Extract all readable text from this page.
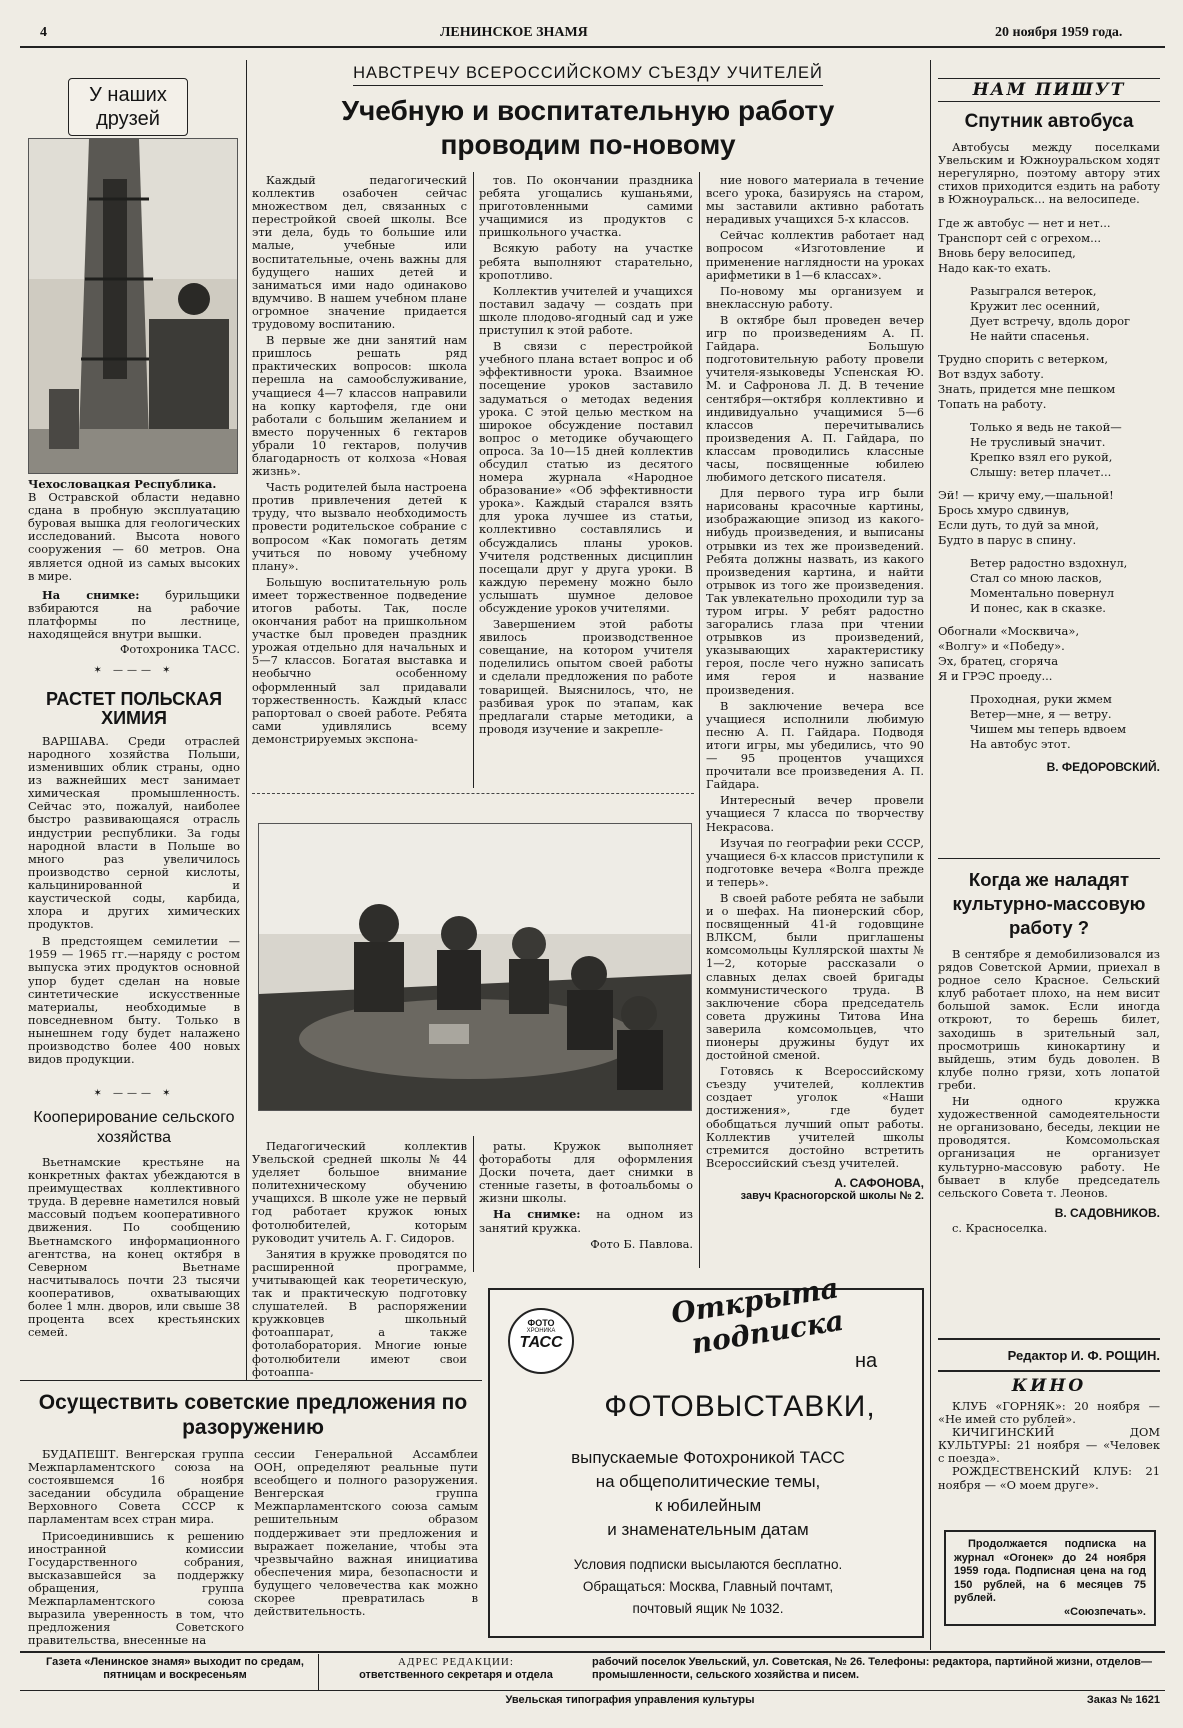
4	ЛЕНИНСКОЕ ЗНАМЯ	20 ноября 1959 года.
У наших друзей

Чехословацкая Республика.

В Остравской области недавно сдана в пробную эксплуатацию буровая вышка для геологических исследований. Высота нового сооружения — 60 метров. Она является одной из самых высоких в мире.

На снимке: бурильщики взбираются на рабочие платформы по лестнице, находящейся внутри вышки.

Фотохроника ТАСС.

✶ ——— ✶
РАСТЕТ ПОЛЬСКАЯ ХИМИЯ

ВАРШАВА. Среди отраслей народного хозяйства Польши, изменивших облик страны, одно из важнейших мест занимает химическая промышленность. Сейчас это, пожалуй, наиболее быстро развивающаяся отрасль индустрии республики. За годы народной власти в Польше во много раз увеличилось производство серной кислоты, кальцинированной и каустической соды, карбида, хлора и других химических продуктов.

В предстоящем семилетии — 1959 — 1965 гг.—наряду с ростом выпуска этих продуктов основной упор будет сделан на новые синтетические искусственные материалы, необходимые в повседневном быту. Только в нынешнем году будет налажено производство более 400 новых видов продукции.

✶ ——— ✶
Кооперирование сельского хозяйства

Вьетнамские крестьяне на конкретных фактах убеждаются в преимуществах коллективного труда. В деревне наметился новый массовый подъем кооперативного движения. По сообщению Вьетнамского информационного агентства, на конец октября в Северном Вьетнаме насчитывалось почти 23 тысячи кооперативов, охватывающих более 1 млн. дворов, или свыше 38 процента всех крестьянских семей.

НАВСТРЕЧУ ВСЕРОССИЙСКОМУ СЪЕЗДУ УЧИТЕЛЕЙ
Учебную и воспитательную работу проводим по-новому

Каждый педагогический коллектив озабочен сейчас множеством дел, связанных с перестройкой своей школы. Все эти дела, будь то большие или малые, учебные или воспитательные, очень важны для будущего наших детей и заниматься ими надо одинаково вдумчиво. В нашем учебном плане огромное значение придается трудовому воспитанию.

В первые же дни занятий нам пришлось решать ряд практических вопросов: школа перешла на самообслуживание, учащиеся 4—7 классов направили на копку картофеля, где они работали с большим желанием и вместо порученных 6 гектаров убрали 10 гектаров, получив благодарность от колхоза «Новая жизнь».

Часть родителей была настроена против привлечения детей к труду, что вызвало необходимость провести родительское собрание с вопросом «Как помогать детям учиться по новому учебному плану».

Большую воспитательную роль имеет торжественное подведение итогов работы. Так, после окончания работ на пришкольном участке был проведен праздник урожая отдельно для начальных и 5—7 классов. Богатая выставка и необычно особенному оформленный зал придавали торжественность. Каждый класс рапортовал о своей работе. Ребята сами удивлялись всему демонстрируемых экспона-

тов. По окончании праздника ребята угощались кушаньями, приготовленными самими учащимися из продуктов с пришкольного участка.

Всякую работу на участке ребята выполняют старательно, кропотливо.

Коллектив учителей и учащихся поставил задачу — создать при школе плодово-ягодный сад и уже приступил к этой работе.

В связи с перестройкой учебного плана встает вопрос и об эффективности урока. Взаимное посещение уроков заставило задуматься о методах ведения урока. С этой целью местком на широкое обсуждение поставил вопрос о методике обучающего опроса. За 10—15 дней коллектив обсудил статью из десятого номера журнала «Народное образование» «Об эффективности урока». Каждый старался взять для урока лучшее из статьи, коллективно составлялись и обсуждались планы уроков. Учителя родственных дисциплин посещали друг у друга уроки. В каждую перемену можно было услышать шумное деловое обсуждение уроков учителями.

Завершением этой работы явилось производственное совещание, на котором учителя поделились опытом своей работы и сделали предложения по работе товарищей. Выяснилось, что, не разбивая урок по этапам, как предлагали старые методики, а проводя изучение и закрепле-

ние нового материала в течение всего урока, базируясь на старом, мы заставили активно работать нерадивых учащихся 5-х классов.

Сейчас коллектив работает над вопросом «Изготовление и применение наглядности на уроках арифметики в 1—6 классах».

По-новому мы организуем и внеклассную работу.

В октябре был проведен вечер игр по произведениям А. П. Гайдара. Большую подготовительную работу провели учителя-языковеды Успенская Ю. М. и Сафронова Л. Д. В течение сентября—октября коллективно и индивидуально учащимися 5—6 классов перечитывались произведения А. П. Гайдара, по классам проводились классные часы, посвященные юбилею любимого детского писателя.

Для первого тура игр были нарисованы красочные картины, изображающие эпизод из какого-нибудь произведения, и выписаны отрывки из тех же произведений. Ребята должны назвать, из какого произведения картина, и найти отрывок из того же произведения. Так увлекательно проходили тур за туром игры. У ребят радостно загорались глаза при чтении отрывков из произведений, указывающих характеристику героя, после чего нужно записать имя героя и название произведения.

В заключение вечера все учащиеся исполнили любимую песню А. П. Гайдара. Подводя итоги игры, мы убедились, что 90 — 95 процентов учащихся прочитали все произведения А. П. Гайдара.

Интересный вечер провели учащиеся 7 класса по творчеству Некрасова.

Изучая по географии реки СССР, учащиеся 6-х классов приступили к подготовке вечера «Волга прежде и теперь».

В своей работе ребята не забыли и о шефах. На пионерский сбор, посвященный 41-й годовщине ВЛКСМ, были приглашены комсомольцы Куллярской шахты № 1—2, которые рассказали о славных делах своей бригады коммунистического труда. В заключение сбора председатель совета дружины Титова Ина заверила комсомольцев, что пионеры дружины будут их достойной сменой.

Готовясь к Всероссийскому съезду учителей, коллектив создает уголок «Наши достижения», где будет обобщаться лучший опыт работы. Коллектив учителей школы стремится достойно встретить Всероссийский съезд учителей.

А. САФОНОВА,
завуч Красногорской школы № 2.

Педагогический коллектив Увельской средней школы № 44 уделяет большое внимание политехническому обучению учащихся. В школе уже не первый год работает кружок юных фотолюбителей, которым руководит учитель А. Г. Сидоров.

Занятия в кружке проводятся по расширенной программе, учитывающей как теоретическую, так и практическую подготовку слушателей. В распоряжении кружковцев школьный фотоаппарат, а также фотолаборатория. Многие юные фотолюбители имеют свои фотоаппа-

раты. Кружок выполняет фотоработы для оформления Доски почета, дает снимки в стенные газеты, в фотоальбомы о жизни школы.

На снимке: на одном из занятий кружка.

Фото Б. Павлова.

Осуществить советские предложения по разоружению

БУДАПЕШТ. Венгерская группа Межпарламентского союза на состоявшемся 16 ноября заседании обсудила обращение Верховного Совета СССР к парламентам всех стран мира.

Присоединившись к решению иностранной комиссии Государственного собрания, высказавшейся за поддержку обращения, группа Межпарламентского союза выразила уверенность в том, что предложения Советского правительства, внесенные на

сессии Генеральной Ассамблеи ООН, определяют реальные пути всеобщего и полного разоружения. Венгерская группа Межпарламентского союза самым решительным образом поддерживает эти предложения и выражает пожелание, чтобы эта чрезвычайно важная инициатива обеспечения мира, безопасности и будущего человечества как можно скорее превратилась в действительность.

ФОТО
ХРОНИКА
ТАСС
Открыта подписка
на
ФОТОВЫСТАВКИ,
выпускаемые Фотохроникой ТАСС
на общеполитические темы,
к юбилейным
и знаменательным датам
Условия подписки высылаются бесплатно.
Обращаться: Москва, Главный почтамт,
почтовый ящик № 1032.
НАМ ПИШУТ
Спутник автобуса

Автобусы между поселками Увельским и Южноуральском ходят нерегулярно, поэтому автору этих стихов приходится ездить на работу в Южноуральск... на велосипеде.

Где ж автобус — нет и нет...
Транспорт сей с огрехом...
Вновь беру велосипед,
Надо как-то ехать.
Разыгрался ветерок,
Кружит лес осенний,
Дует встречу, вдоль дорог
Не найти спасенья.
Трудно спорить с ветерком,
Вот вздух заботу.
Знать, придется мне пешком
Топать на работу.
Только я ведь не такой—
Не трусливый значит.
Крепко взял его рукой,
Слышу: ветер плачет...
Эй! — кричу ему,—шальной!
Брось хмуро сдвинув,
Если дуть, то дуй за мной,
Будто в парус в спину.
Ветер радостно вздохнул,
Стал со мною ласков,
Моментально повернул
И понес, как в сказке.
Обогнали «Москвича»,
«Волгу» и «Победу».
Эх, братец, сгоряча
Я и ГРЭС проеду...
Проходная, руки жмем
Ветер—мне, я — ветру.
Чишем мы теперь вдвоем
На автобус этот.
В. ФЕДОРОВСКИЙ.
Когда же наладят культурно-массовую работу ?

В сентябре я демобилизовался из рядов Советской Армии, приехал в родное село Красное. Сельский клуб работает плохо, на нем висит большой замок. Если иногда откроют, то берешь билет, заходишь в зрительный зал, просмотришь кинокартину и выйдешь, этим будь доволен. В клубе полно грязи, хоть лопатой греби.

Ни одного кружка художественной самодеятельности не организовано, беседы, лекции не проводятся. Комсомольская организация не организует культурно-массовую работу. Не бывает в клубе председатель сельского Совета т. Леонов.

В. САДОВНИКОВ.

с. Красноселка.

Редактор И. Ф. РОЩИН.
КИНО

КЛУБ «ГОРНЯК»: 20 ноября — «Не имей сто рублей».

КИЧИГИНСКИЙ ДОМ КУЛЬТУРЫ: 21 ноября — «Человек с поезда».

РОЖДЕСТВЕНСКИЙ КЛУБ: 21 ноября — «О моем друге».

Продолжается подписка на журнал «Огонек» до 24 ноября 1959 года. Подписная цена на год 150 рублей, на 6 месяцев 75 рублей.

«Союзпечать».
Газета «Ленинское знамя» выходит по средам, пятницам и воскресеньям
АДРЕС РЕДАКЦИИ:
ответственного секретаря и отдела
рабочий поселок Увельский, ул. Советская, № 26. Телефоны: редактора, партийной жизни, отделов—промышленности, сельского хозяйства и писем.
Увельская типография управления культуры	Заказ № 1621
